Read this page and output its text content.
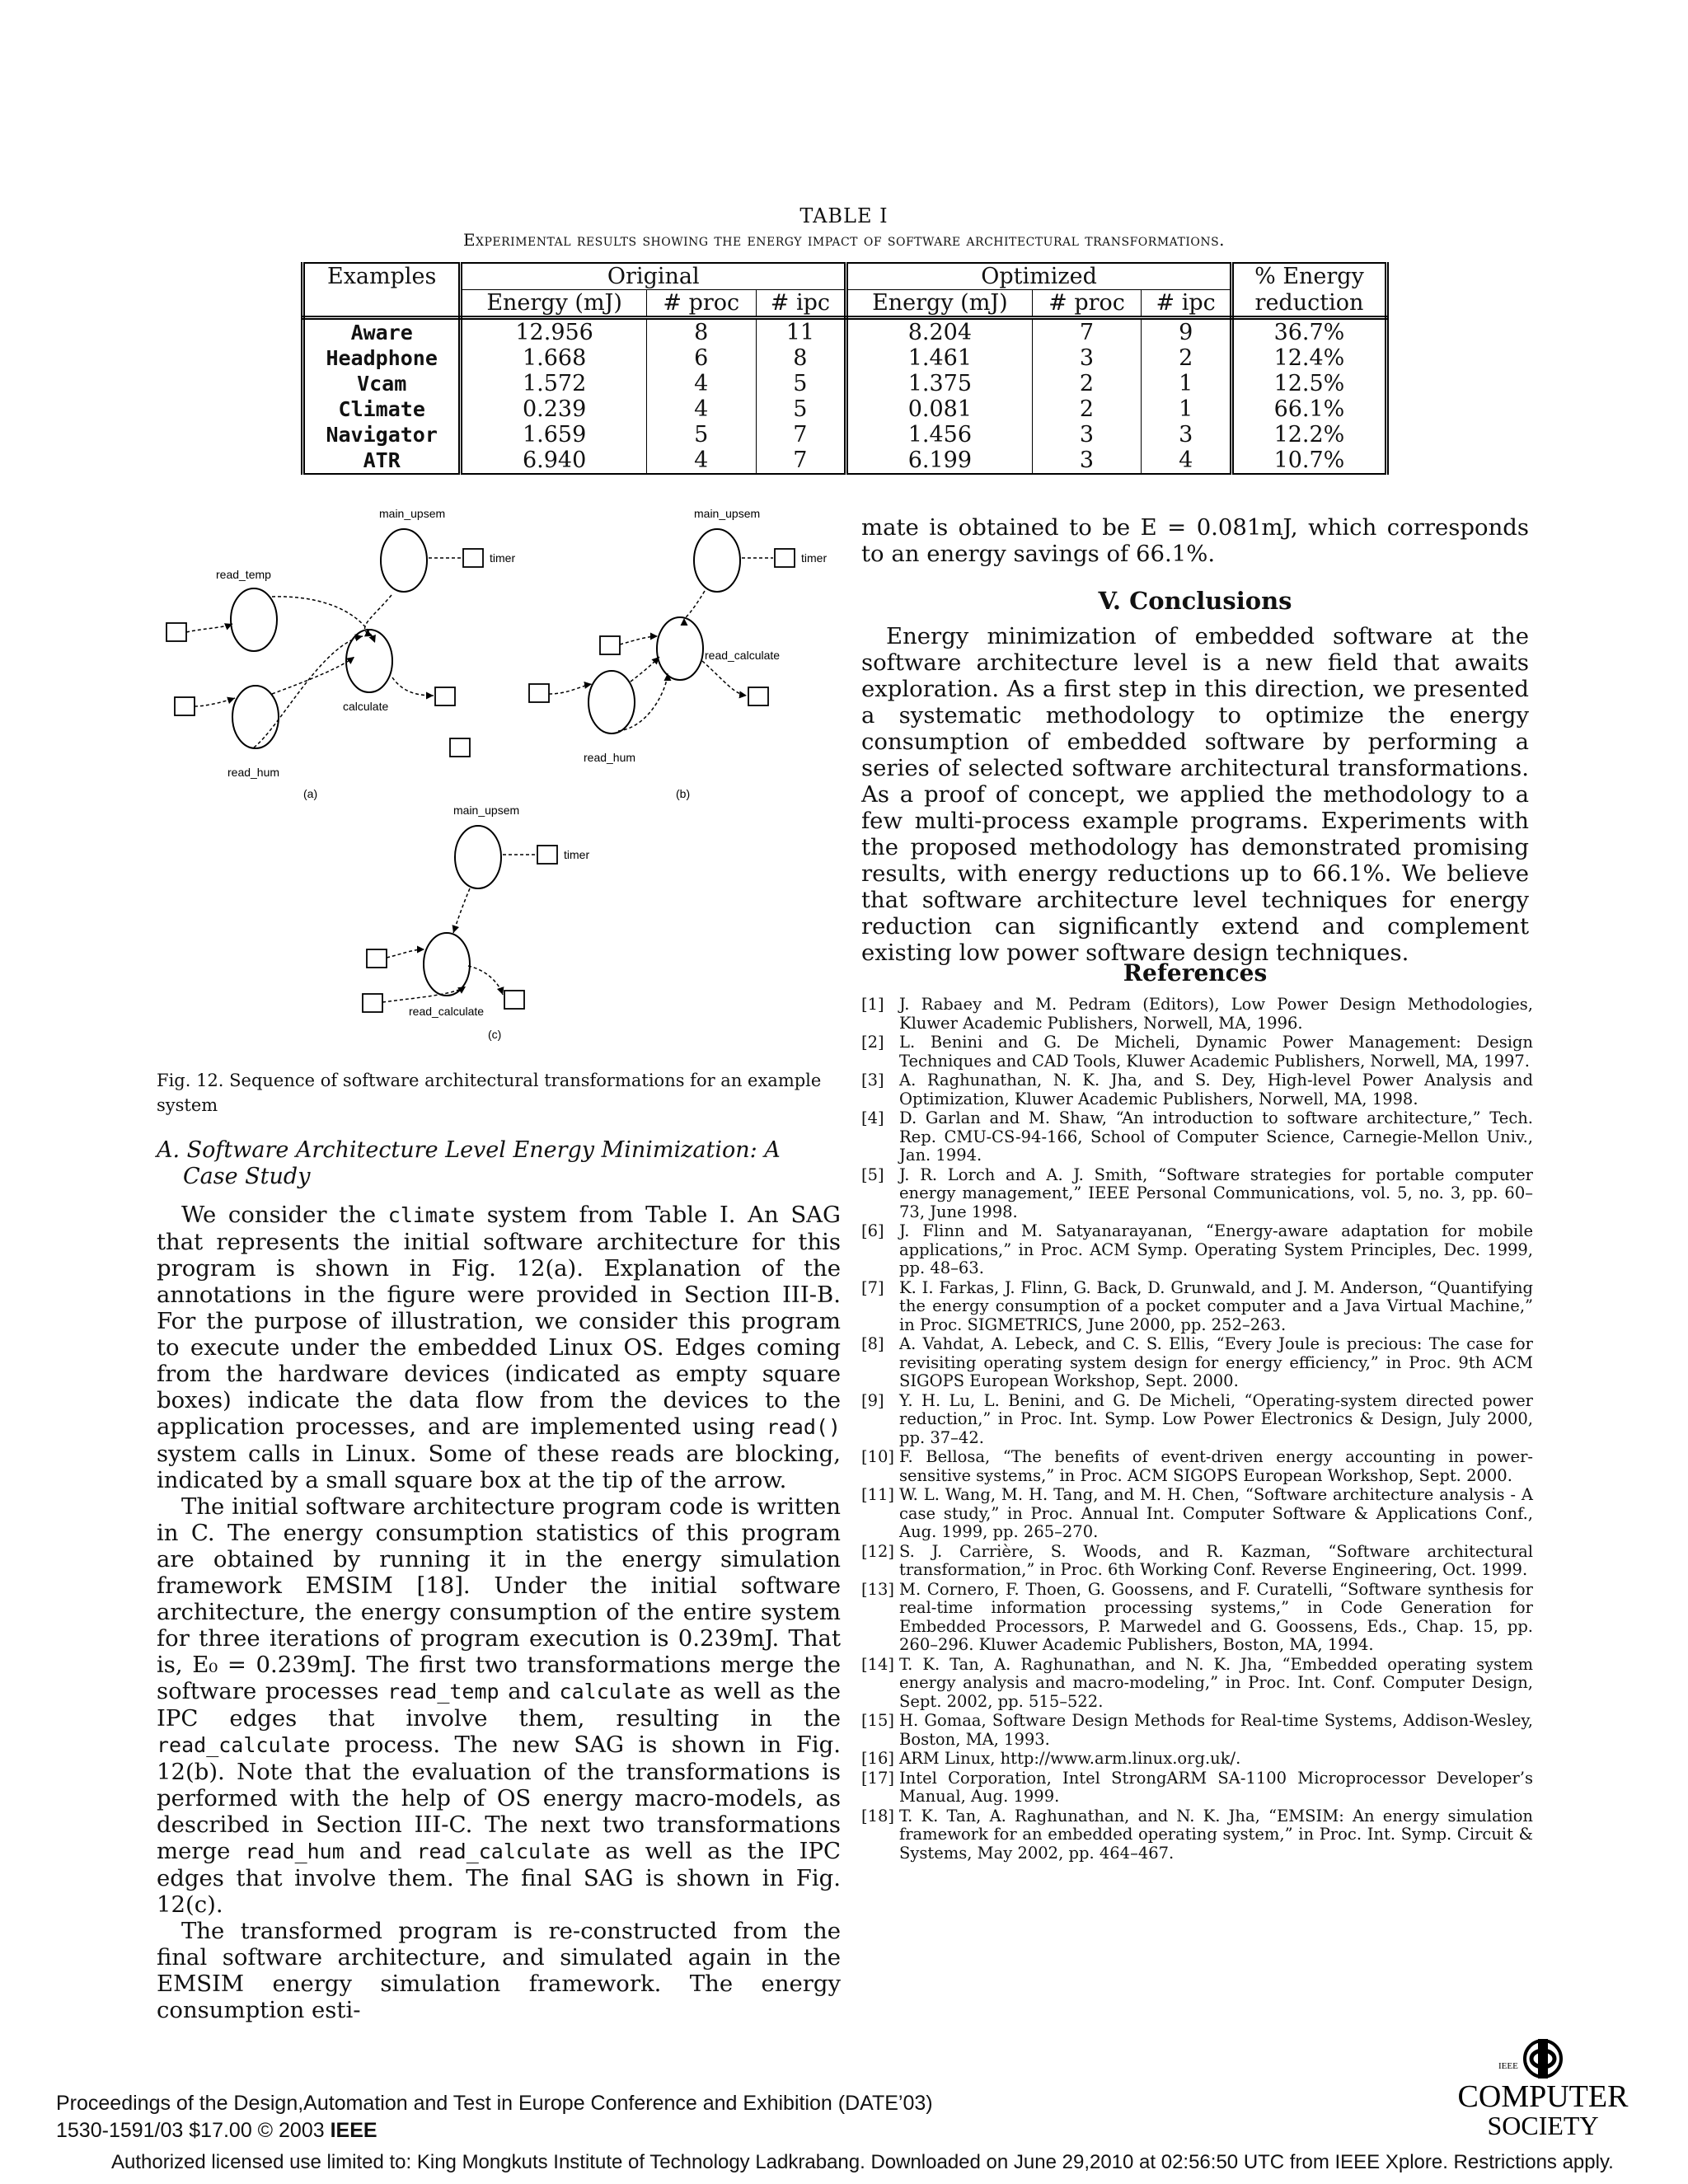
TABLE I
Experimental results showing the energy impact of software architectural transformations.
Examples	Original			Optimized			% Energy
	Energy (mJ)	# proc	# ipc	Energy (mJ)	# proc	# ipc	reduction
Aware	12.956	8	11	8.204	7	9	36.7%
Headphone	1.668	6	8	1.461	3	2	12.4%
Vcam	1.572	4	5	1.375	2	1	12.5%
Climate	0.239	4	5	0.081	2	1	66.1%
Navigator	1.659	5	7	1.456	3	3	12.2%
ATR	6.940	4	7	6.199	3	4	10.7%
main_upsem
timer
read_temp
calculate
read_hum
(a)
main_upsem
timer
read_calculate
read_hum
(b)
main_upsem
timer
read_calculate
(c)
Fig. 12. Sequence of software architectural transformations for an example system

A. Software Architecture Level Energy Minimization: A Case Study

We consider the climate system from Table I. An SAG that represents the initial software architecture for this program is shown in Fig. 12(a). Explanation of the annotations in the figure were provided in Section III-B. For the purpose of illustration, we consider this program to execute under the embedded Linux OS. Edges coming from the hardware devices (indicated as empty square boxes) indicate the data flow from the devices to the application processes, and are implemented using read() system calls in Linux. Some of these reads are blocking, indicated by a small square box at the tip of the arrow.

The initial software architecture program code is written in C. The energy consumption statistics of this program are obtained by running it in the energy simulation framework EMSIM [18]. Under the initial software architecture, the energy consumption of the entire system for three iterations of program execution is 0.239mJ. That is, E₀ = 0.239mJ. The first two transformations merge the software processes read_temp and calculate as well as the IPC edges that involve them, resulting in the read_calculate process. The new SAG is shown in Fig. 12(b). Note that the evaluation of the transformations is performed with the help of OS energy macro-models, as described in Section III-C. The next two transformations merge read_hum and read_calculate as well as the IPC edges that involve them. The final SAG is shown in Fig. 12(c).

The transformed program is re-constructed from the final software architecture, and simulated again in the EMSIM energy simulation framework. The energy consumption esti-

mate is obtained to be E = 0.081mJ, which corresponds to an energy savings of 66.1%.
V. Conclusions
Energy minimization of embedded software at the software architecture level is a new field that awaits exploration. As a first step in this direction, we presented a systematic methodology to optimize the energy consumption of embedded software by performing a series of selected software architectural transformations. As a proof of concept, we applied the methodology to a few multi-process example programs. Experiments with the proposed methodology has demonstrated promising results, with energy reductions up to 66.1%. We believe that software architecture level techniques for energy reduction can significantly extend and complement existing low power software design techniques.
References
[1] J. Rabaey and M. Pedram (Editors), Low Power Design Methodologies, Kluwer Academic Publishers, Norwell, MA, 1996.
[2] L. Benini and G. De Micheli, Dynamic Power Management: Design Techniques and CAD Tools, Kluwer Academic Publishers, Norwell, MA, 1997.
[3] A. Raghunathan, N. K. Jha, and S. Dey, High-level Power Analysis and Optimization, Kluwer Academic Publishers, Norwell, MA, 1998.
[4] D. Garlan and M. Shaw, “An introduction to software architecture,” Tech. Rep. CMU-CS-94-166, School of Computer Science, Carnegie-Mellon Univ., Jan. 1994.
[5] J. R. Lorch and A. J. Smith, “Software strategies for portable computer energy management,” IEEE Personal Communications, vol. 5, no. 3, pp. 60–73, June 1998.
[6] J. Flinn and M. Satyanarayanan, “Energy-aware adaptation for mobile applications,” in Proc. ACM Symp. Operating System Principles, Dec. 1999, pp. 48–63.
[7] K. I. Farkas, J. Flinn, G. Back, D. Grunwald, and J. M. Anderson, “Quantifying the energy consumption of a pocket computer and a Java Virtual Machine,” in Proc. SIGMETRICS, June 2000, pp. 252–263.
[8] A. Vahdat, A. Lebeck, and C. S. Ellis, “Every Joule is precious: The case for revisiting operating system design for energy efficiency,” in Proc. 9th ACM SIGOPS European Workshop, Sept. 2000.
[9] Y. H. Lu, L. Benini, and G. De Micheli, “Operating-system directed power reduction,” in Proc. Int. Symp. Low Power Electronics & Design, July 2000, pp. 37–42.
[10] F. Bellosa, “The benefits of event-driven energy accounting in power-sensitive systems,” in Proc. ACM SIGOPS European Workshop, Sept. 2000.
[11] W. L. Wang, M. H. Tang, and M. H. Chen, “Software architecture analysis - A case study,” in Proc. Annual Int. Computer Software & Applications Conf., Aug. 1999, pp. 265–270.
[12] S. J. Carrière, S. Woods, and R. Kazman, “Software architectural transformation,” in Proc. 6th Working Conf. Reverse Engineering, Oct. 1999.
[13] M. Cornero, F. Thoen, G. Goossens, and F. Curatelli, “Software synthesis for real-time information processing systems,” in Code Generation for Embedded Processors, P. Marwedel and G. Goossens, Eds., Chap. 15, pp. 260–296. Kluwer Academic Publishers, Boston, MA, 1994.
[14] T. K. Tan, A. Raghunathan, and N. K. Jha, “Embedded operating system energy analysis and macro-modeling,” in Proc. Int. Conf. Computer Design, Sept. 2002, pp. 515–522.
[15] H. Gomaa, Software Design Methods for Real-time Systems, Addison-Wesley, Boston, MA, 1993.
[16] ARM Linux, http://www.arm.linux.org.uk/.
[17] Intel Corporation, Intel StrongARM SA-1100 Microprocessor Developer’s Manual, Aug. 1999.
[18] T. K. Tan, A. Raghunathan, and N. K. Jha, “EMSIM: An energy simulation framework for an embedded operating system,” in Proc. Int. Symp. Circuit & Systems, May 2002, pp. 464–467.
Proceedings of the Design,Automation and Test in Europe Conference and Exhibition (DATE’03)
1530-1591/03 $17.00 © 2003 IEEE
Authorized licensed use limited to: King Mongkuts Institute of Technology Ladkrabang. Downloaded on June 29,2010 at 02:56:50 UTC from IEEE Xplore. Restrictions apply.
IEEE
COMPUTER
SOCIETY
